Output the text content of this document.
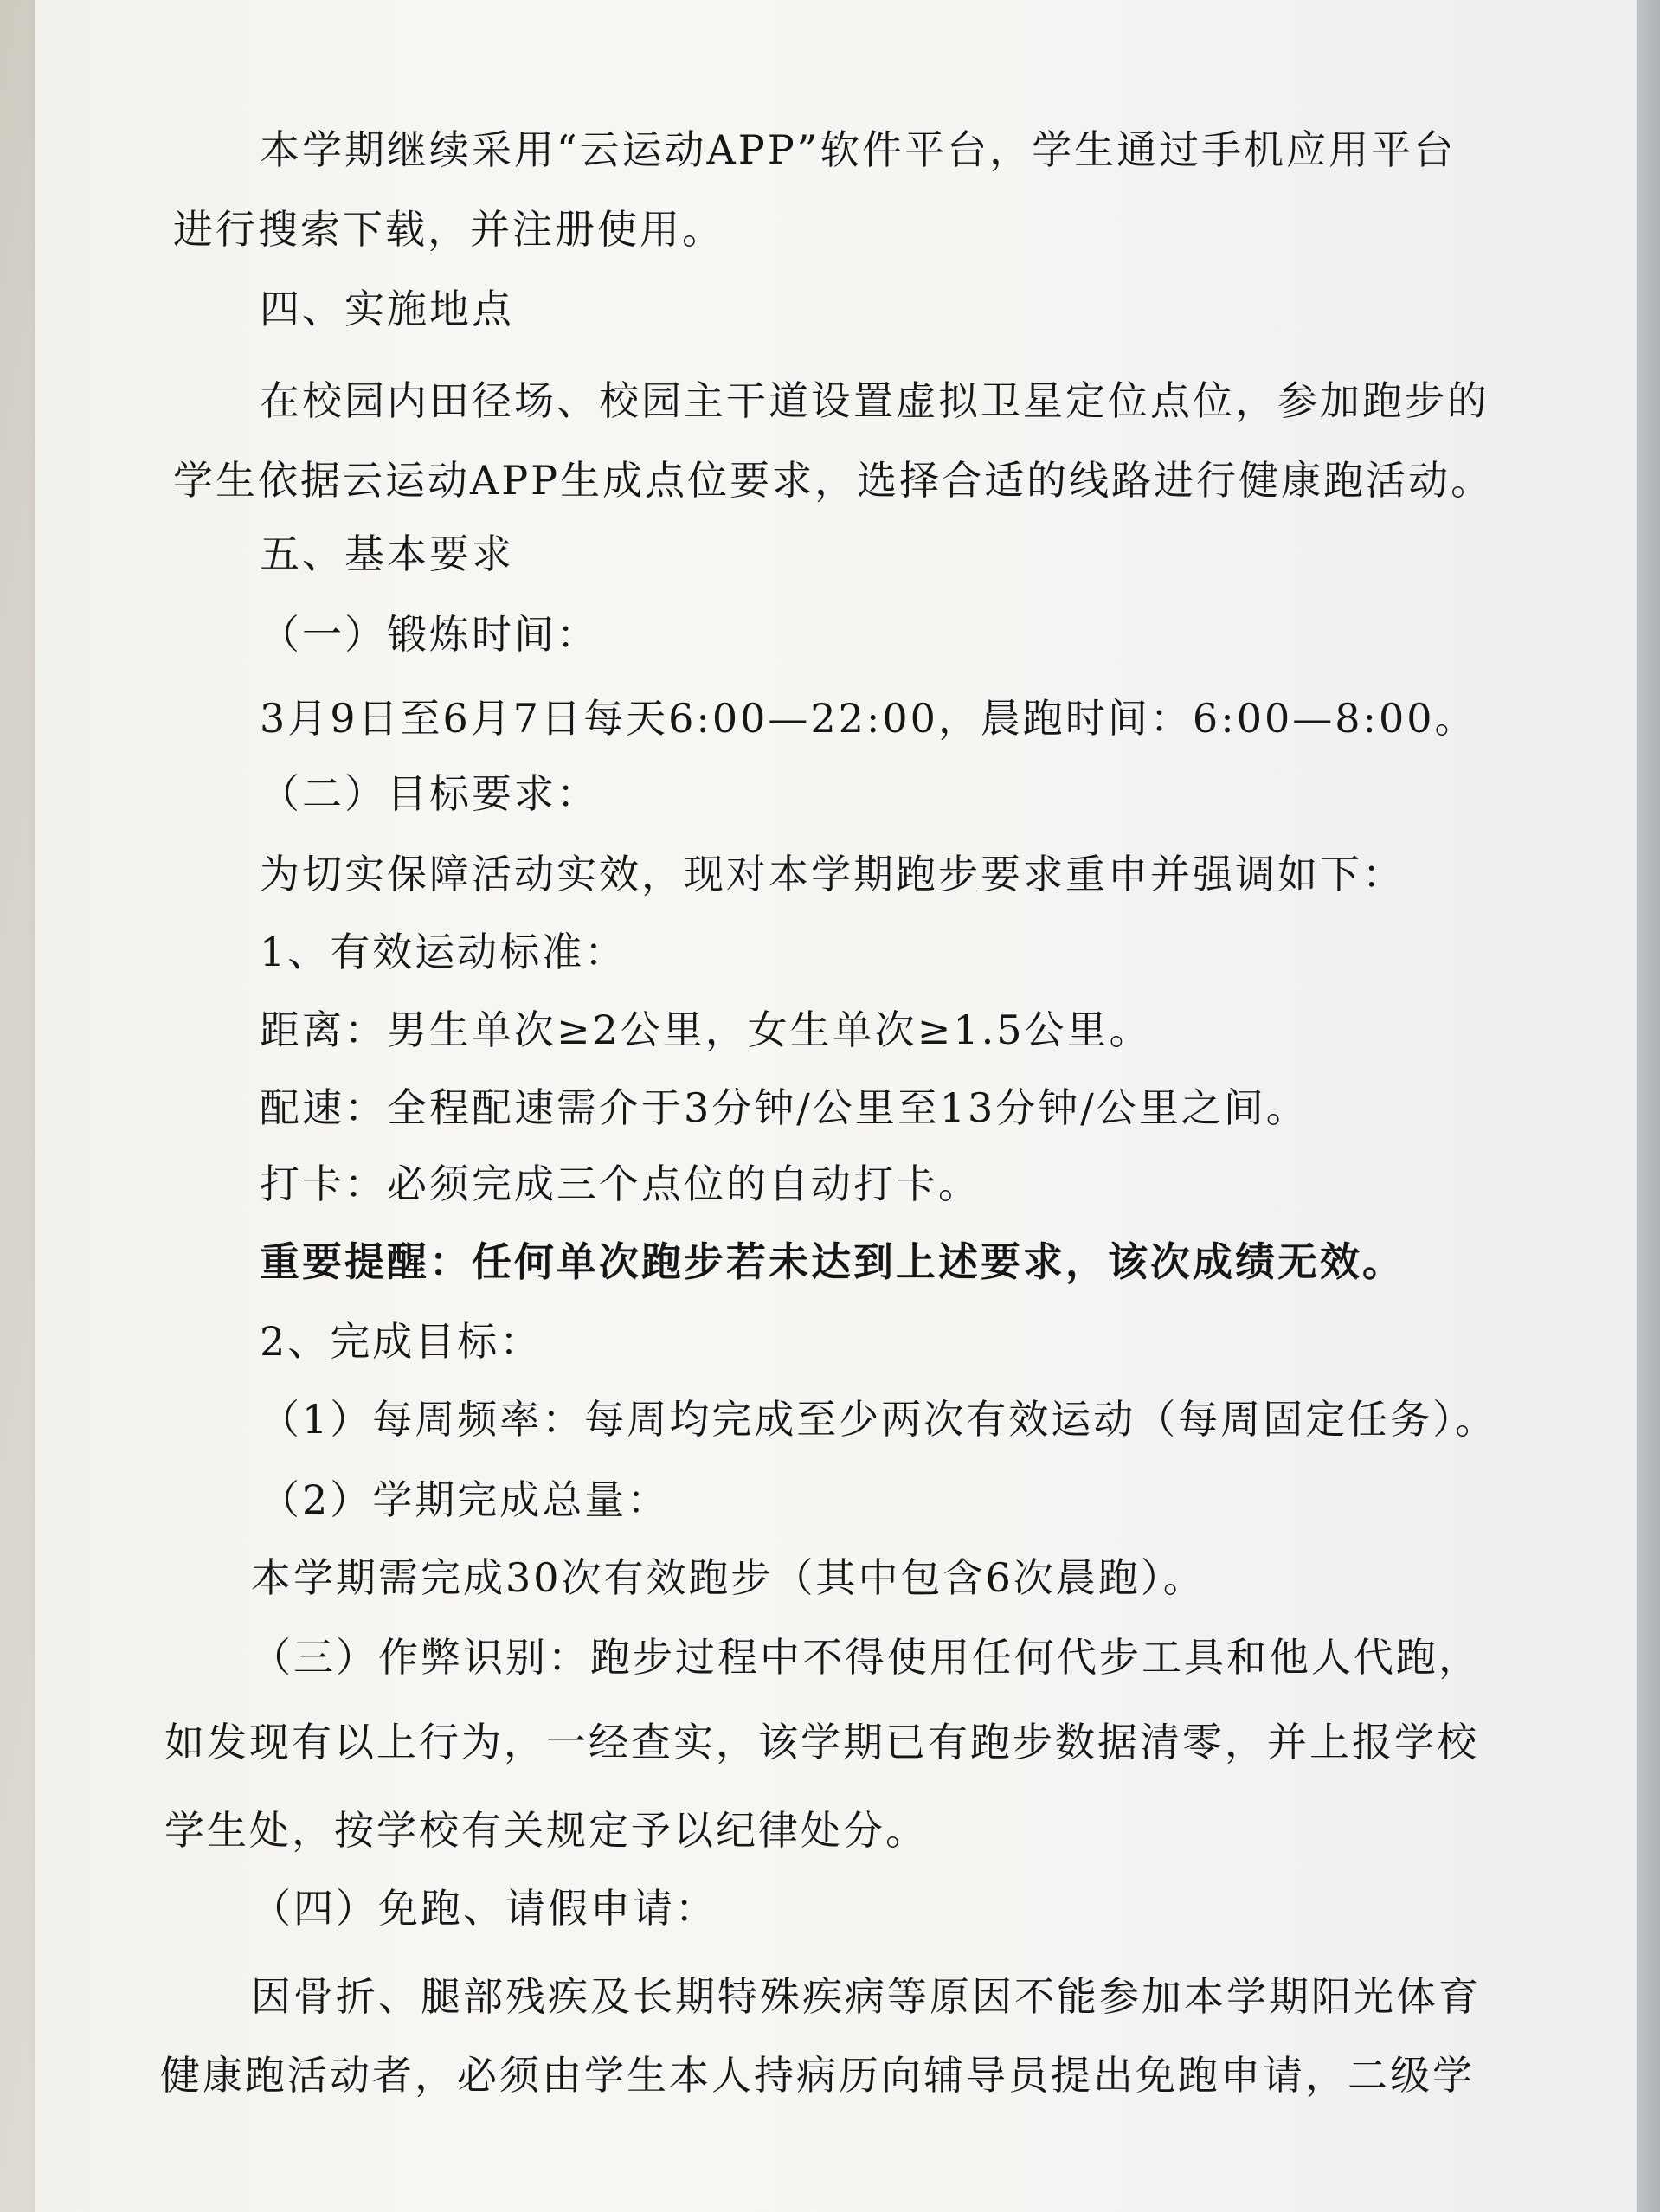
本学期继续采用“云运动APP”软件平台，学生通过手机应用平台
进行搜索下载，并注册使用。
四、实施地点
在校园内田径场、校园主干道设置虚拟卫星定位点位，参加跑步的
学生依据云运动APP生成点位要求，选择合适的线路进行健康跑活动。
五、基本要求
（一）锻炼时间：
3月9日至6月7日每天6:00—22:00，晨跑时间：6:00—8:00。
（二）目标要求：
为切实保障活动实效，现对本学期跑步要求重申并强调如下：
1、有效运动标准：
距离：男生单次≥2公里，女生单次≥1.5公里。
配速：全程配速需介于3分钟/公里至13分钟/公里之间。
打卡：必须完成三个点位的自动打卡。
重要提醒：任何单次跑步若未达到上述要求，该次成绩无效。
2、完成目标：
（1）每周频率：每周均完成至少两次有效运动（每周固定任务）。
（2）学期完成总量：
本学期需完成30次有效跑步（其中包含6次晨跑）。
（三）作弊识别：跑步过程中不得使用任何代步工具和他人代跑，
如发现有以上行为，一经查实，该学期已有跑步数据清零，并上报学校
学生处，按学校有关规定予以纪律处分。
（四）免跑、请假申请：
因骨折、腿部残疾及长期特殊疾病等原因不能参加本学期阳光体育
健康跑活动者，必须由学生本人持病历向辅导员提出免跑申请，二级学
